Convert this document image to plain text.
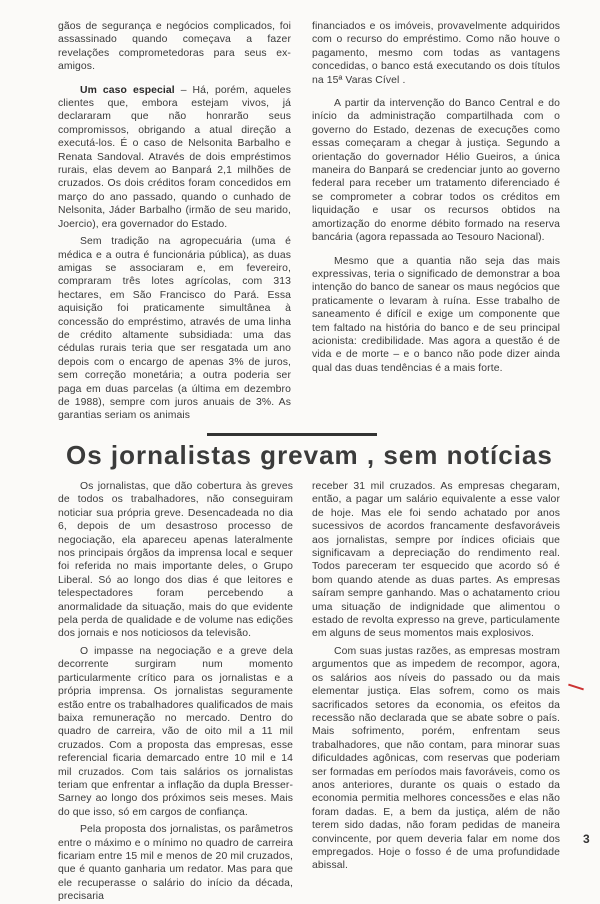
gãos de segurança e negócios complicados, foi assassinado quando começava a fazer revelações comprometedoras para seus ex-amigos.

Um caso especial – Há, porém, aqueles clientes que, embora estejam vivos, já declararam que não honrarão seus compromissos, obrigando a atual direção a executá-los. É o caso de Nelsonita Barbalho e Renata Sandoval. Através de dois empréstimos rurais, elas devem ao Banpará 2,1 milhões de cruzados. Os dois créditos foram concedidos em março do ano passado, quando o cunhado de Nelsonita, Jáder Barbalho (irmão de seu marido, Joercio), era governador do Estado.

Sem tradição na agropecuária (uma é médica e a outra é funcionária pública), as duas amigas se associaram e, em fevereiro, compraram três lotes agrícolas, com 313 hectares, em São Francisco do Pará. Essa aquisição foi praticamente simultânea à concessão do empréstimo, através de uma linha de crédito altamente subsidiada: uma das cédulas rurais teria que ser resgatada um ano depois com o encargo de apenas 3% de juros, sem correção monetária; a outra poderia ser paga em duas parcelas (a última em dezembro de 1988), sempre com juros anuais de 3%. As garantias seriam os animais

financiados e os imóveis, provavelmente adquiridos com o recurso do empréstimo. Como não houve o pagamento, mesmo com todas as vantagens concedidas, o banco está executando os dois títulos na 15ª Varas Cível .

A partir da intervenção do Banco Central e do início da administração compartilhada com o governo do Estado, dezenas de execuções como essas começaram a chegar à justiça. Segundo a orientação do governador Hélio Gueiros, a única maneira do Banpará se credenciar junto ao governo federal para receber um tratamento diferenciado é se comprometer a cobrar todos os créditos em liquidação e usar os recursos obtidos na amortização do enorme débito formado na reserva bancária (agora repassada ao Tesouro Nacional).

Mesmo que a quantia não seja das mais expressivas, teria o significado de demonstrar a boa intenção do banco de sanear os maus negócios que praticamente o levaram à ruína. Esse trabalho de saneamento é difícil e exige um componente que tem faltado na história do banco e de seu principal acionista: credibilidade. Mas agora a questão é de vida e de morte – e o banco não pode dizer ainda qual das duas tendências é a mais forte.

Os jornalistas grevam , sem notícias

Os jornalistas, que dão cobertura às greves de todos os trabalhadores, não conseguiram noticiar sua própria greve. Desencadeada no dia 6, depois de um desastroso processo de negociação, ela apareceu apenas lateralmente nos principais órgãos da imprensa local e sequer foi referida no mais importante deles, o Grupo Liberal. Só ao longo dos dias é que leitores e telespectadores foram percebendo a anormalidade da situação, mais do que evidente pela perda de qualidade e de volume nas edições dos jornais e nos noticiosos da televisão.

O impasse na negociação e a greve dela decorrente surgiram num momento particularmente crítico para os jornalistas e a própria imprensa. Os jornalistas seguramente estão entre os trabalhadores qualificados de mais baixa remuneração no mercado. Dentro do quadro de carreira, vão de oito mil a 11 mil cruzados. Com a proposta das empresas, esse referencial ficaria demarcado entre 10 mil e 14 mil cruzados. Com tais salários os jornalistas teriam que enfrentar a inflação da dupla Bresser-Sarney ao longo dos próximos seis meses. Mais do que isso, só em cargos de confiança.

Pela proposta dos jornalistas, os parâmetros entre o máximo e o mínimo no quadro de carreira ficariam entre 15 mil e menos de 20 mil cruzados, que é quanto ganharia um redator. Mas para que ele recuperasse o salário do início da década, precisaria

receber 31 mil cruzados. As empresas chegaram, então, a pagar um salário equivalente a esse valor de hoje. Mas ele foi sendo achatado por anos sucessivos de acordos francamente desfavoráveis aos jornalistas, sempre por índices oficiais que significavam a depreciação do rendimento real. Todos pareceram ter esquecido que acordo só é bom quando atende as duas partes. As empresas saíram sempre ganhando. Mas o achatamento criou uma situação de indignidade que alimentou o estado de revolta expresso na greve, particulamente em alguns de seus momentos mais explosivos.

Com suas justas razões, as empresas mostram argumentos que as impedem de recompor, agora, os salários aos níveis do passado ou da mais elementar justiça. Elas sofrem, como os mais sacrificados setores da economia, os efeitos da recessão não declarada que se abate sobre o país. Mais sofrimento, porém, enfrentam seus trabalhadores, que não contam, para minorar suas dificuldades agônicas, com reservas que poderiam ser formadas em períodos mais favoráveis, como os anos anteriores, durante os quais o estado da economia permitia melhores concessões e elas não foram dadas. E, a bem da justiça, além de não terem sido dadas, não foram pedidas de maneira convincente, por quem deveria falar em nome dos empregados. Hoje o fosso é de uma profundidade abissal.

3
